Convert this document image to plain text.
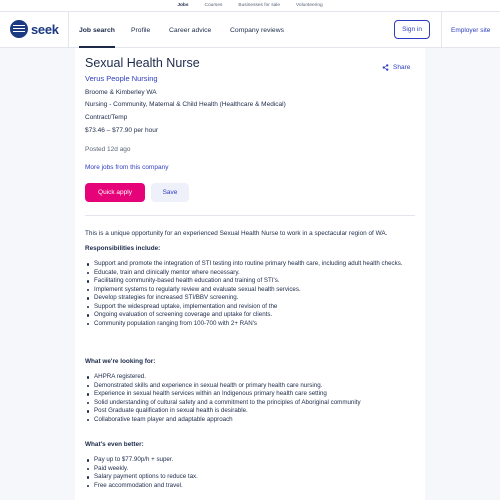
Jobs	Courses	Businesses for sale	Volunteering
seek	Job search Profile	Career advice	Company reviews	Sign in	Employer site
Sexual Health Nurse	Share
Verus People Nursing
Broome & Kimberley WA
Nursing - Community, Maternal & Child Health (Healthcare & Medical)
Contract/Temp
$73.46 – $77.90 per hour
Posted 12d ago
More jobs from this company
Quick apply	Save
This is a unique opportunity for an experienced Sexual Health Nurse to work in a spectacular region of WA.
Responsibilities include:
Support and promote the integration of STI testing into routine primary health care, including adult health checks.
Educate, train and clinically mentor where necessary.
Facilitating community-based health education and training of STI's.
Implement systems to regularly review and evaluate sexual health services.
Develop strategies for increased STI/BBV screening.
Support the widespread uptake, implementation and revision of the
Ongoing evaluation of screening coverage and uptake for clients.
Community population ranging from 100-700 with 2+ RAN's
What we're looking for:
AHPRA registered.
Demonstrated skills and experience in sexual health or primary health care nursing.
Experience in sexual health services within an Indigenous primary health care setting
Solid understanding of cultural safety and a commitment to the principles of Aboriginal community
Post Graduate qualification in sexual health is desirable.
Collaborative team player and adaptable approach
What's even better:
Pay up to $77.90p/h + super.
Paid weekly.
Salary payment options to reduce tax.
Free accommodation and travel.
